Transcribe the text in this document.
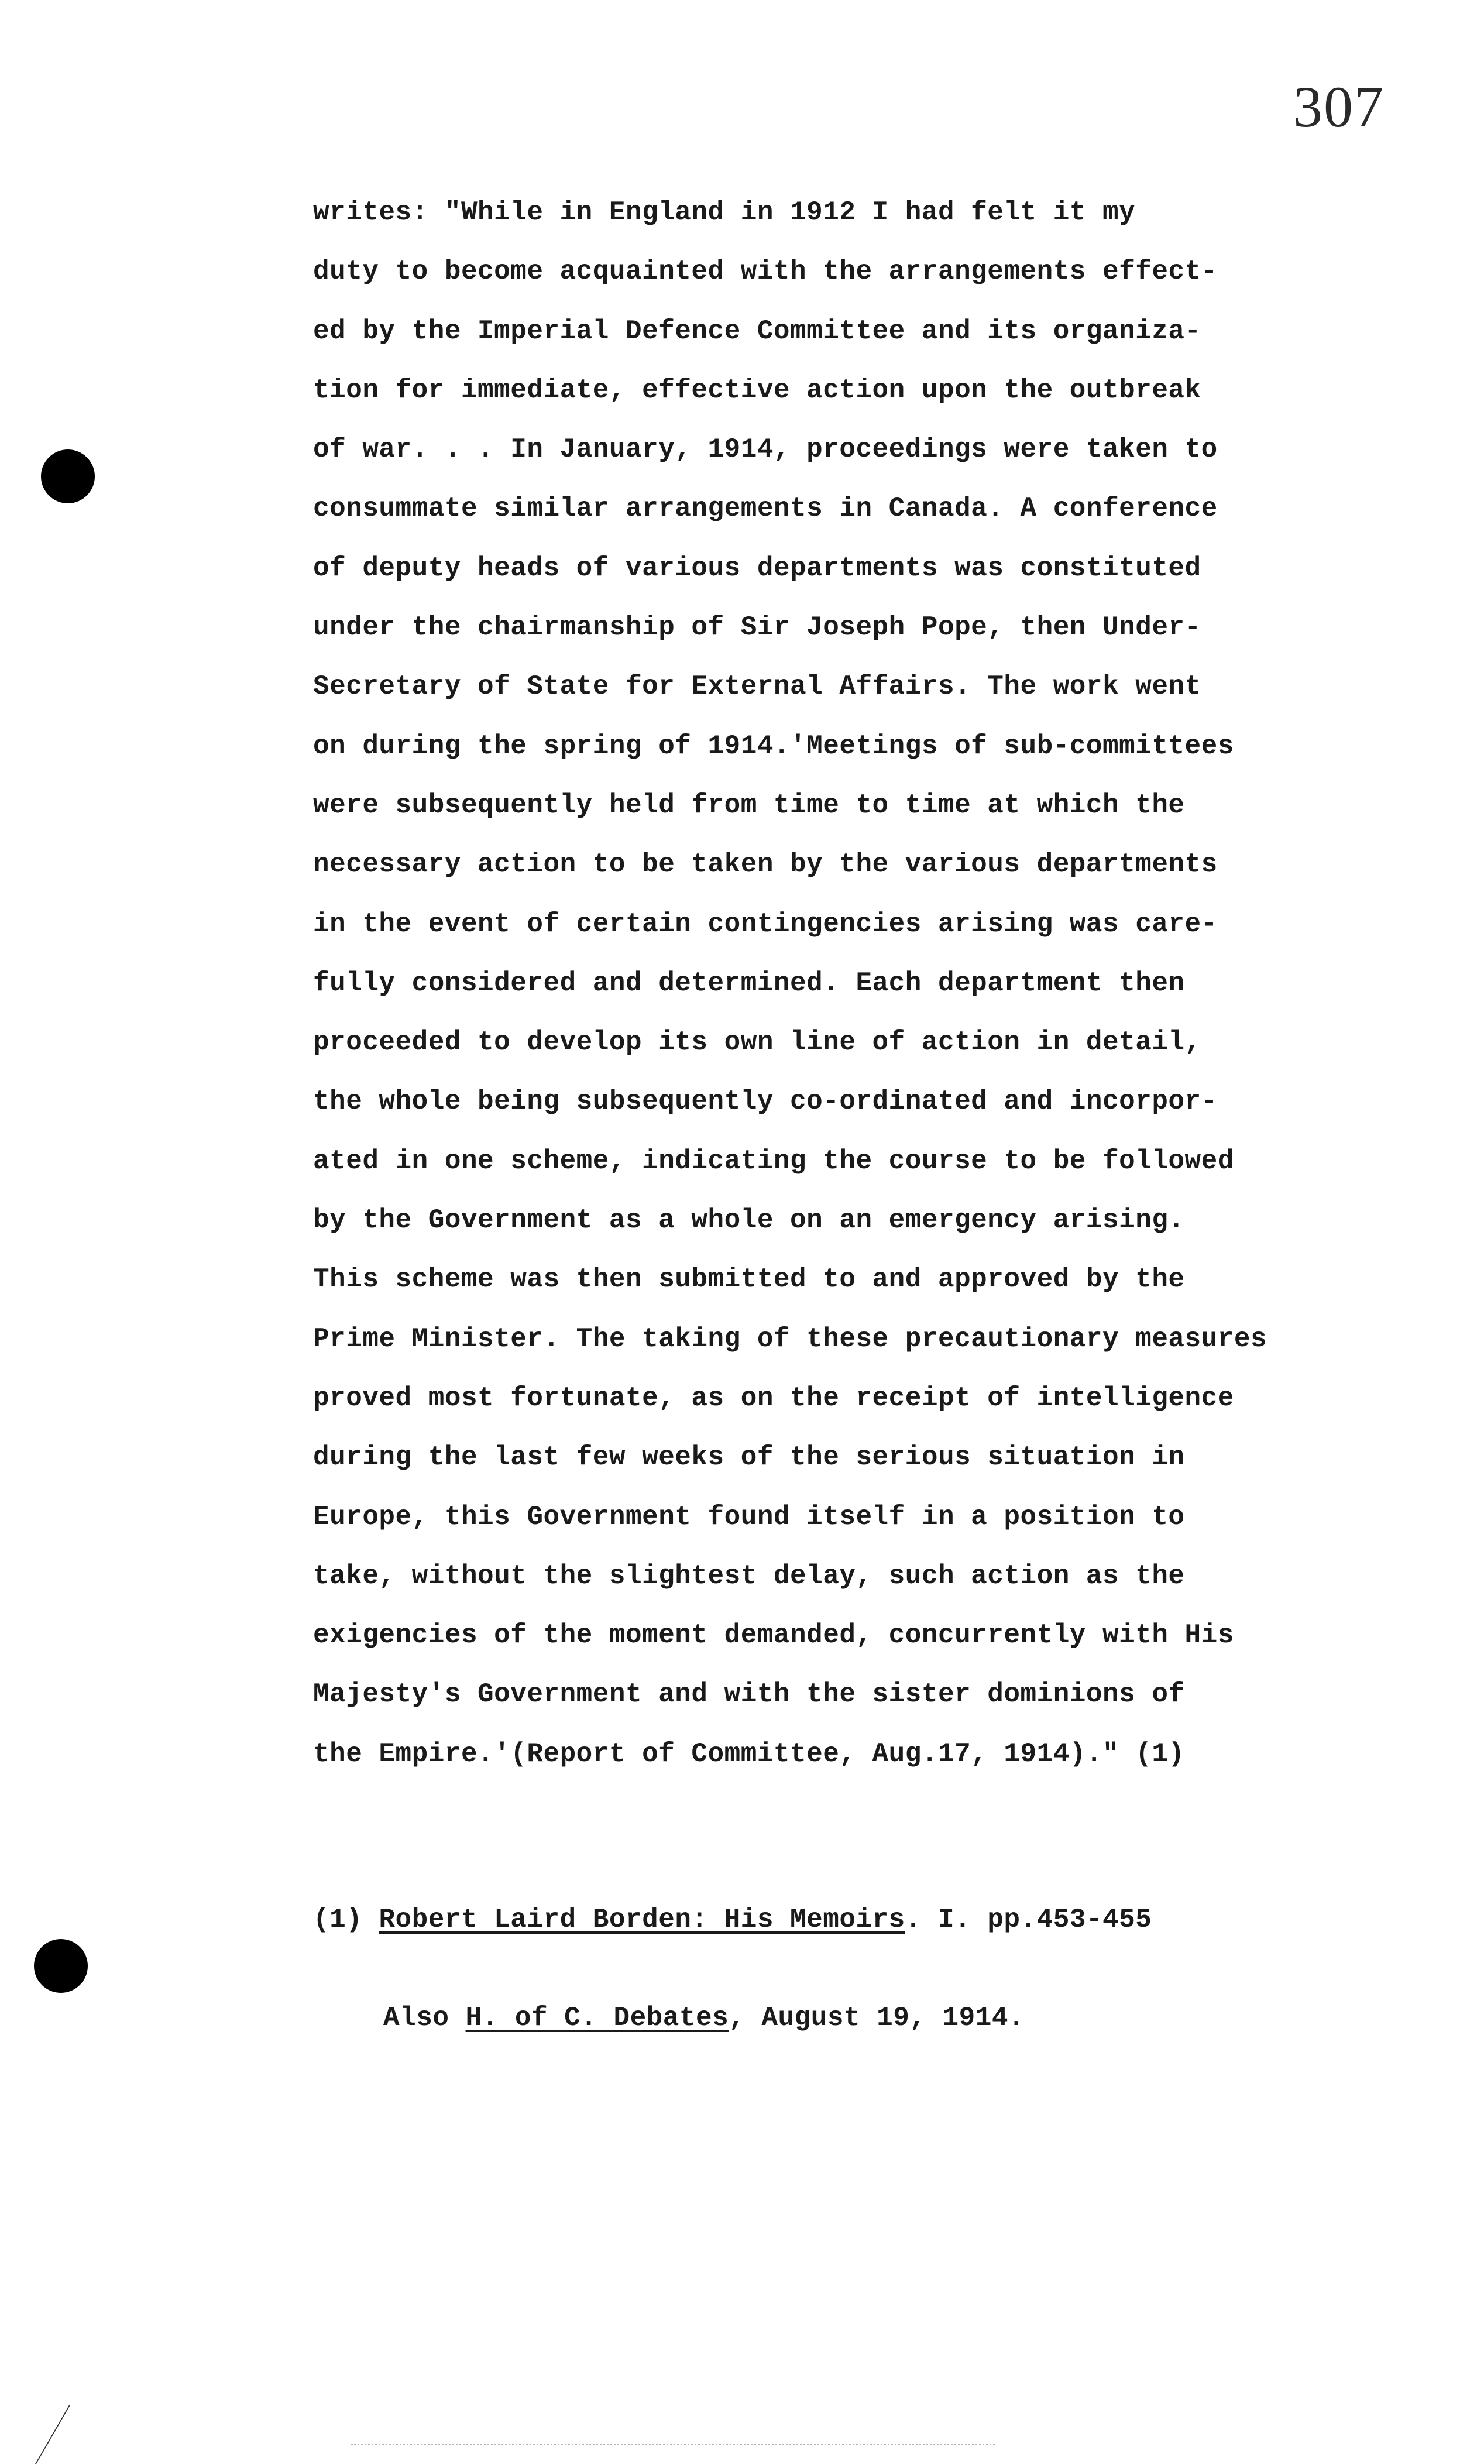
307
writes: "While in England in 1912 I had felt it my
duty to become acquainted with the arrangements effect-
ed by the Imperial Defence Committee and its organiza-
tion for immediate, effective action upon the outbreak
of war. . . In January, 1914, proceedings were taken to
consummate similar arrangements in Canada. A conference
of deputy heads of various departments was constituted
under the chairmanship of Sir Joseph Pope, then Under-
Secretary of State for External Affairs. The work went
on during the spring of 1914.'Meetings of sub-committees
were subsequently held from time to time at which the
necessary action to be taken by the various departments
in the event of certain contingencies arising was care-
fully considered and determined. Each department then
proceeded to develop its own line of action in detail,
the whole being subsequently co-ordinated and incorpor-
ated in one scheme, indicating the course to be followed
by the Government as a whole on an emergency arising.
This scheme was then submitted to and approved by the
Prime Minister. The taking of these precautionary measures
proved most fortunate, as on the receipt of intelligence
during the last few weeks of the serious situation in
Europe, this Government found itself in a position to
take, without the slightest delay, such action as the
exigencies of the moment demanded, concurrently with His
Majesty's Government and with the sister dominions of
the Empire.'(Report of Committee, Aug.17, 1914)." (1)

(1) Robert Laird Borden: His Memoirs. I. pp.453-455

Also H. of C. Debates, August 19, 1914.
